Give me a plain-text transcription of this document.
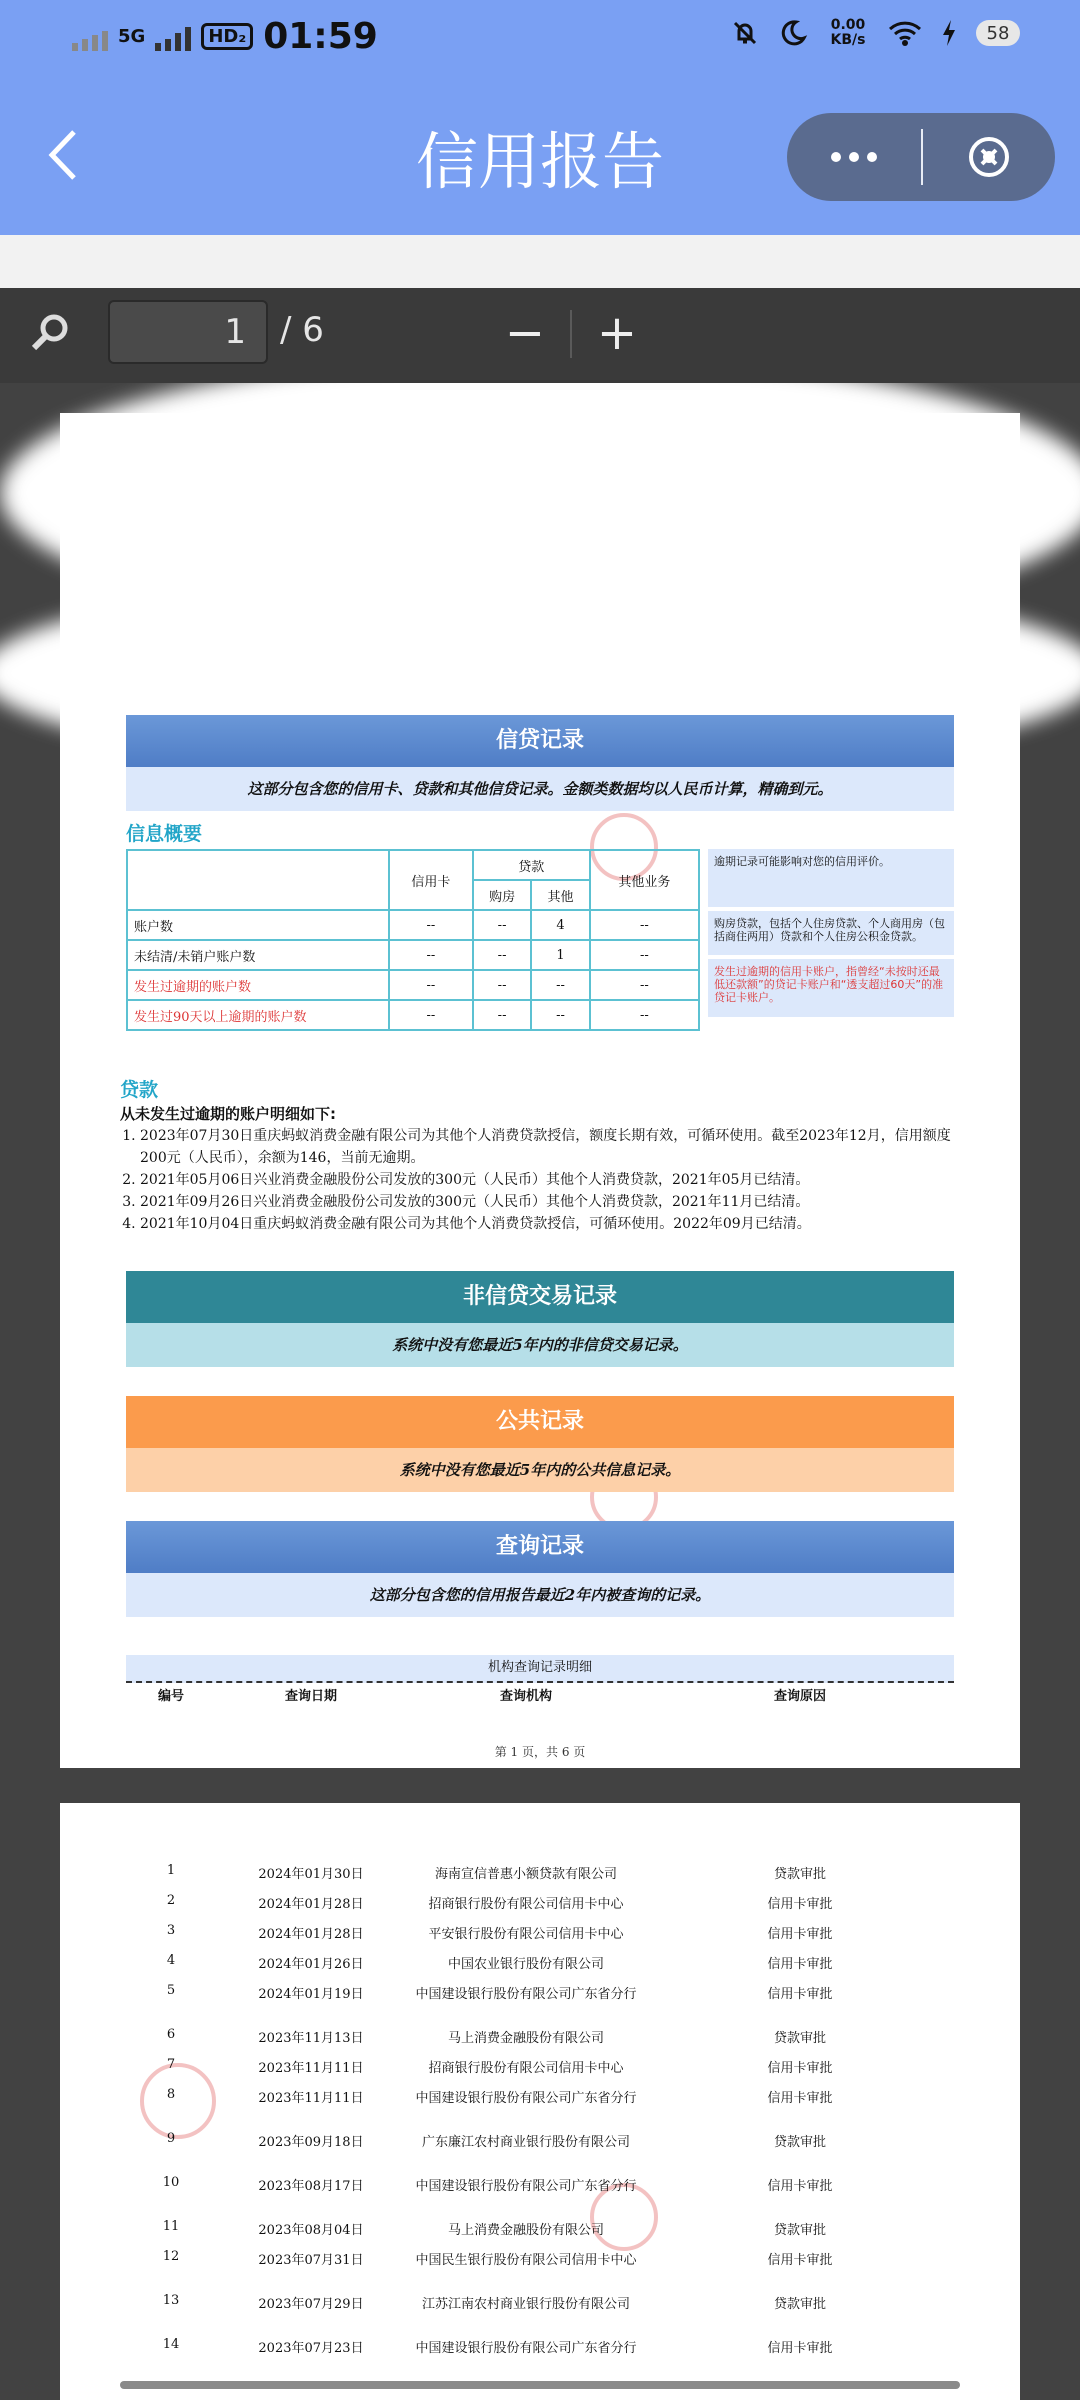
5G	HD₂ 01:59	0.00 KB/s	58
信用报告
1	/ 6	− +
信贷记录
这部分包含您的信用卡、贷款和其他信贷记录。金额类数据均以人民币计算，精确到元。
信息概要
	信用卡	贷款		其他业务
		购房	其他	
账户数	--	--	4	--
未结清/未销户账户数	--	--	1	--
发生过逾期的账户数	--	--	--	--
发生过90天以上逾期的账户数	--	--	--	--
逾期记录可能影响对您的信用评价。
购房贷款，包括个人住房贷款、个人商用房（包括商住两用）贷款和个人住房公积金贷款。
发生过逾期的信用卡账户，指曾经“未按时还最低还款额”的贷记卡账户和“透支超过60天”的准贷记卡账户。
贷款
从未发生过逾期的账户明细如下:
1. 2023年07月30日重庆蚂蚁消费金融有限公司为其他个人消费贷款授信，额度长期有效，可循环使用。截至2023年12月，信用额度200元（人民币），余额为146，当前无逾期。
2. 2021年05月06日兴业消费金融股份公司发放的300元（人民币）其他个人消费贷款，2021年05月已结清。
3. 2021年09月26日兴业消费金融股份公司发放的300元（人民币）其他个人消费贷款，2021年11月已结清。
4. 2021年10月04日重庆蚂蚁消费金融有限公司为其他个人消费贷款授信，可循环使用。2022年09月已结清。
非信贷交易记录
系统中没有您最近5年内的非信贷交易记录。
公共记录
系统中没有您最近5年内的公共信息记录。
查询记录
这部分包含您的信用报告最近2年内被查询的记录。
机构查询记录明细
编号	查询日期	查询机构	查询原因
第 1 页，共 6 页
1	2024年01月30日	海南宣信普惠小额贷款有限公司	贷款审批
2	2024年01月28日	招商银行股份有限公司信用卡中心	信用卡审批
3	2024年01月28日	平安银行股份有限公司信用卡中心	信用卡审批
4	2024年01月26日	中国农业银行股份有限公司	信用卡审批
5	2024年01月19日	中国建设银行股份有限公司广东省分行	信用卡审批
6	2023年11月13日	马上消费金融股份有限公司	贷款审批
7	2023年11月11日	招商银行股份有限公司信用卡中心	信用卡审批
8	2023年11月11日	中国建设银行股份有限公司广东省分行	信用卡审批
9	2023年09月18日	广东廉江农村商业银行股份有限公司	贷款审批
10	2023年08月17日	中国建设银行股份有限公司广东省分行	信用卡审批
11	2023年08月04日	马上消费金融股份有限公司	贷款审批
12	2023年07月31日	中国民生银行股份有限公司信用卡中心	信用卡审批
13	2023年07月29日	江苏江南农村商业银行股份有限公司	贷款审批
14	2023年07月23日	中国建设银行股份有限公司广东省分行	信用卡审批
